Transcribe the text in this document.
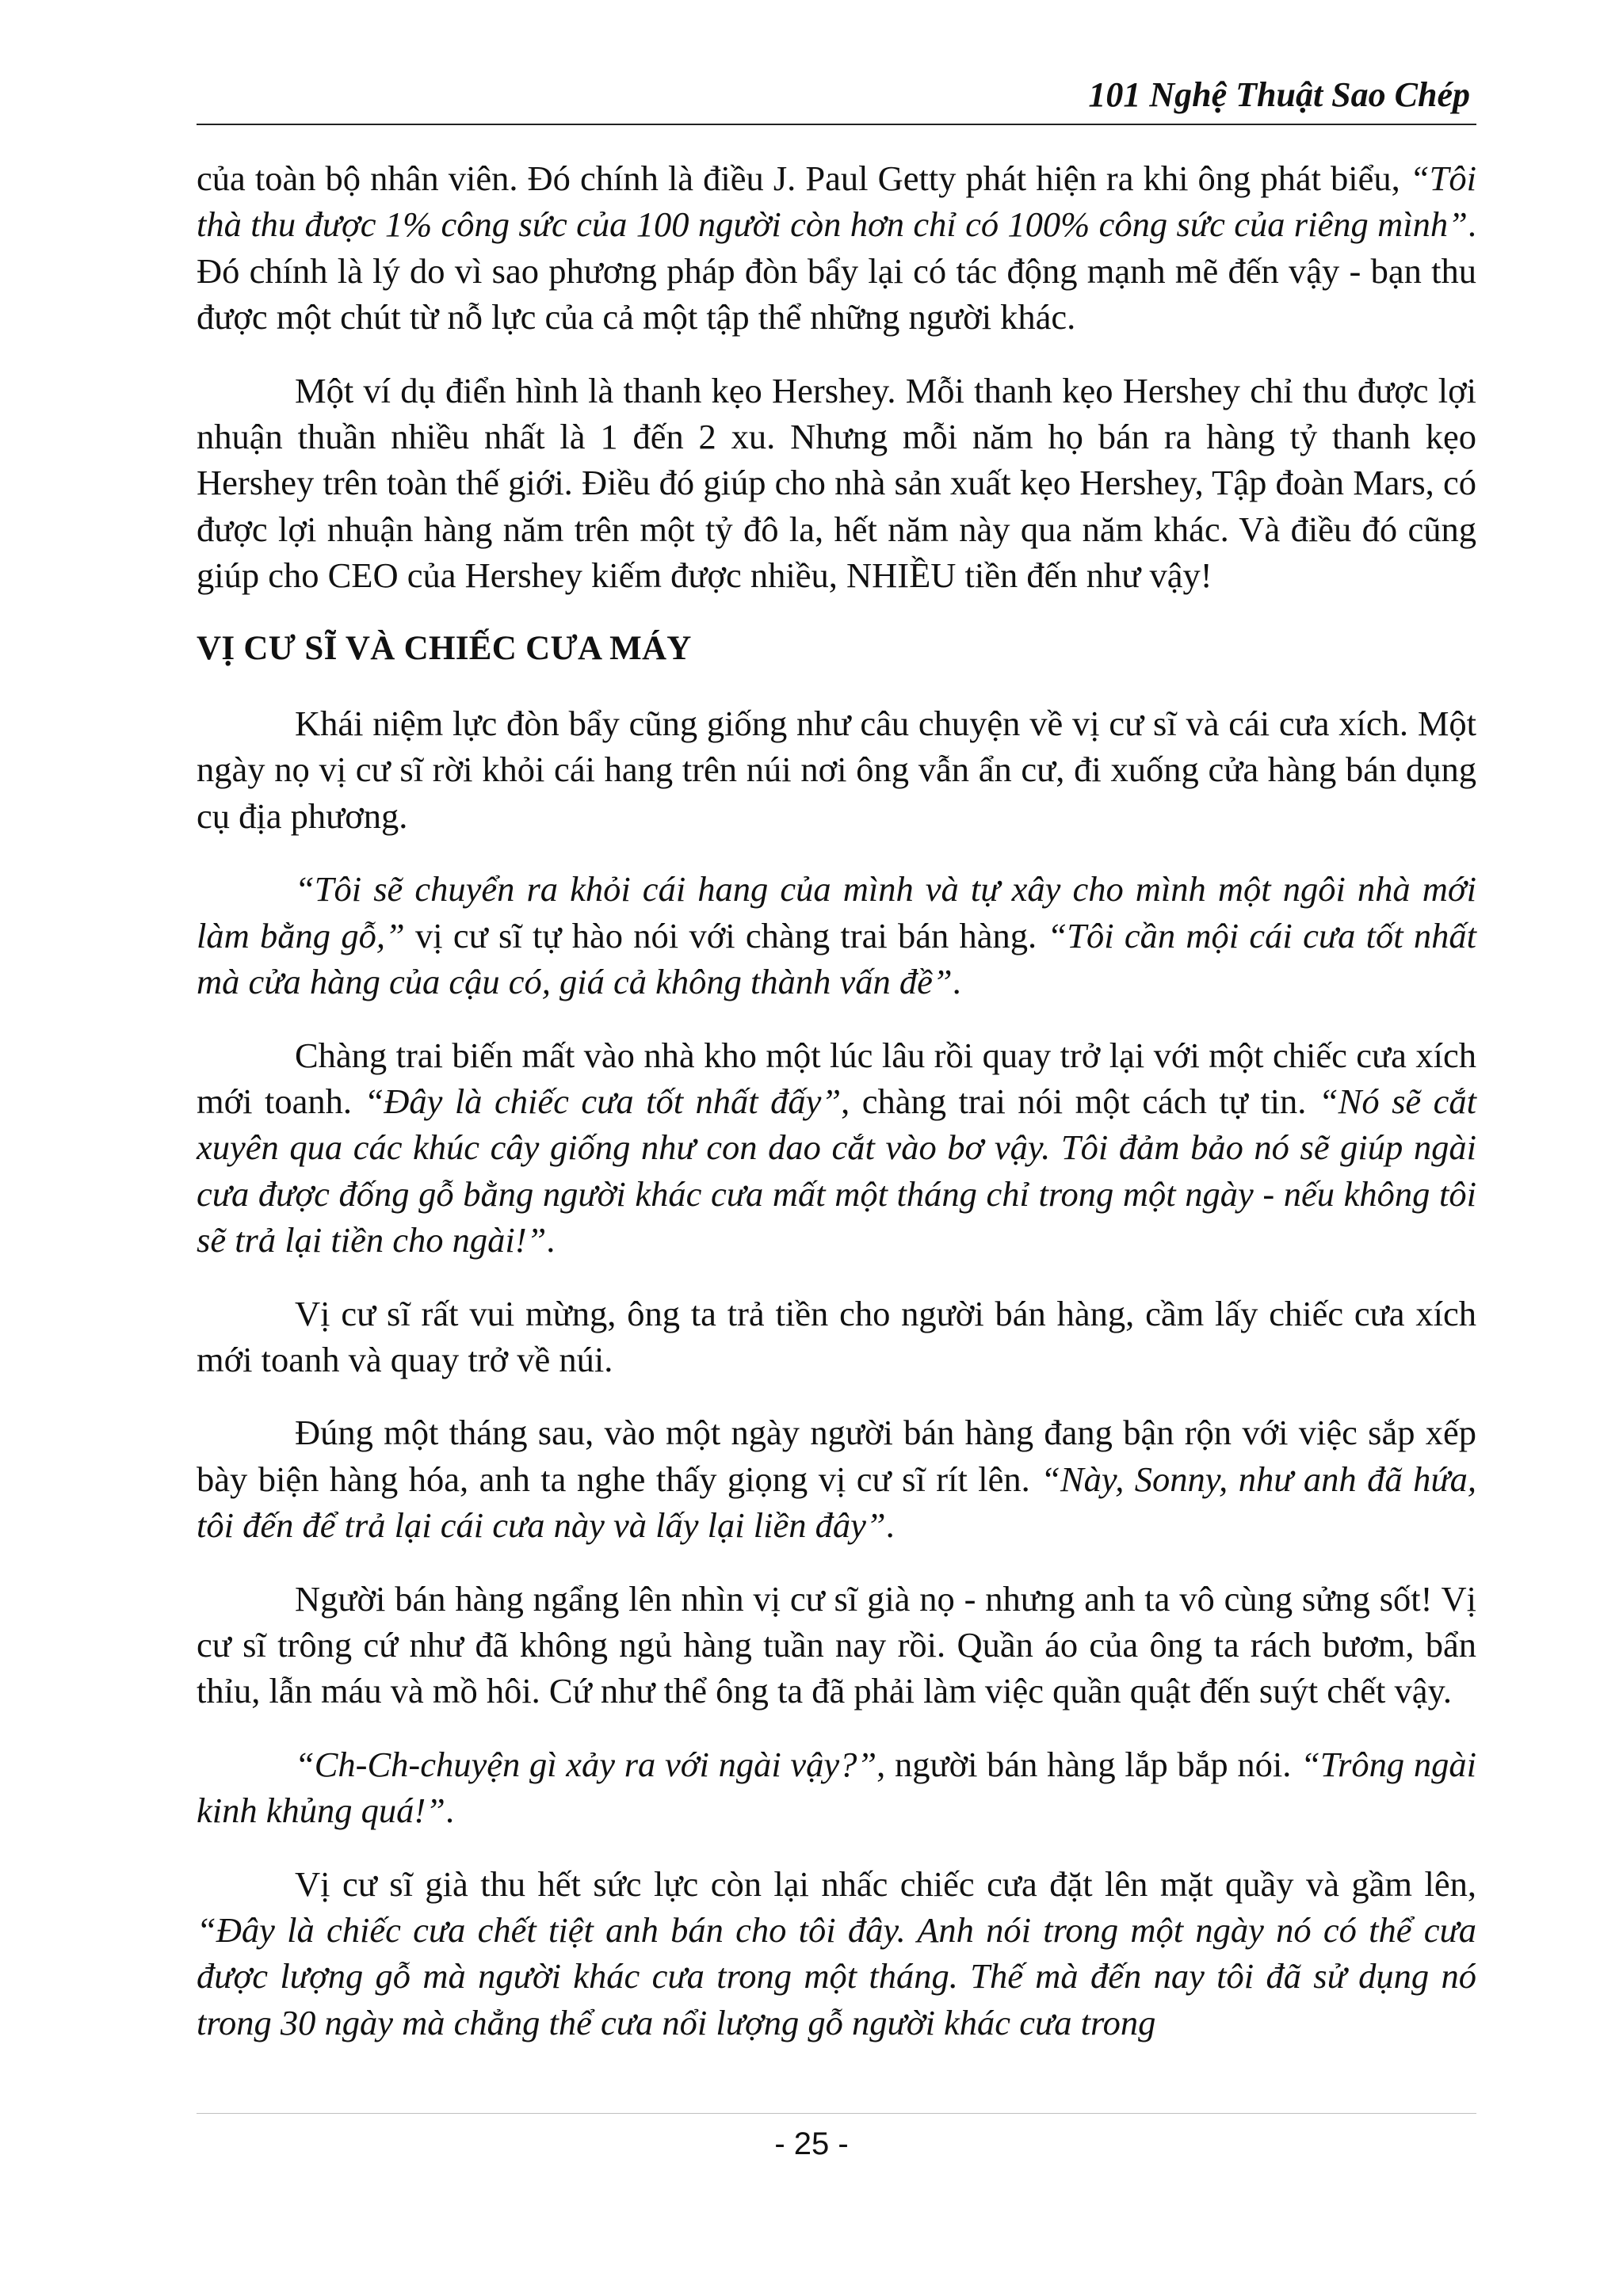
101 Nghệ Thuật Sao Chép

của toàn bộ nhân viên. Đó chính là điều J. Paul Getty phát hiện ra khi ông phát biểu, “Tôi thà thu được 1% công sức của 100 người còn hơn chỉ có 100% công sức của riêng mình”. Đó chính là lý do vì sao phương pháp đòn bẩy lại có tác động mạnh mẽ đến vậy - bạn thu được một chút từ nỗ lực của cả một tập thể những người khác.

Một ví dụ điển hình là thanh kẹo Hershey. Mỗi thanh kẹo Hershey chỉ thu được lợi nhuận thuần nhiều nhất là 1 đến 2 xu. Nhưng mỗi năm họ bán ra hàng tỷ thanh kẹo Hershey trên toàn thế giới. Điều đó giúp cho nhà sản xuất kẹo Hershey, Tập đoàn Mars, có được lợi nhuận hàng năm trên một tỷ đô la, hết năm này qua năm khác. Và điều đó cũng giúp cho CEO của Hershey kiếm được nhiều, NHIỀU tiền đến như vậy!

VỊ CƯ SĨ VÀ CHIẾC CƯA MÁY

Khái niệm lực đòn bẩy cũng giống như câu chuyện về vị cư sĩ và cái cưa xích. Một ngày nọ vị cư sĩ rời khỏi cái hang trên núi nơi ông vẫn ẩn cư, đi xuống cửa hàng bán dụng cụ địa phương.

“Tôi sẽ chuyển ra khỏi cái hang của mình và tự xây cho mình một ngôi nhà mới làm bằng gỗ,” vị cư sĩ tự hào nói với chàng trai bán hàng. “Tôi cần mội cái cưa tốt nhất mà cửa hàng của cậu có, giá cả không thành vấn đề”.

Chàng trai biến mất vào nhà kho một lúc lâu rồi quay trở lại với một chiếc cưa xích mới toanh. “Đây là chiếc cưa tốt nhất đấy”, chàng trai nói một cách tự tin. “Nó sẽ cắt xuyên qua các khúc cây giống như con dao cắt vào bơ vậy. Tôi đảm bảo nó sẽ giúp ngài cưa được đống gỗ bằng người khác cưa mất một tháng chỉ trong một ngày - nếu không tôi sẽ trả lại tiền cho ngài!”.

Vị cư sĩ rất vui mừng, ông ta trả tiền cho người bán hàng, cầm lấy chiếc cưa xích mới toanh và quay trở về núi.

Đúng một tháng sau, vào một ngày người bán hàng đang bận rộn với việc sắp xếp bày biện hàng hóa, anh ta nghe thấy giọng vị cư sĩ rít lên. “Này, Sonny, như anh đã hứa, tôi đến để trả lại cái cưa này và lấy lại liền đây”.

Người bán hàng ngẩng lên nhìn vị cư sĩ già nọ - nhưng anh ta vô cùng sửng sốt! Vị cư sĩ trông cứ như đã không ngủ hàng tuần nay rồi. Quần áo của ông ta rách bươm, bẩn thỉu, lẫn máu và mồ hôi. Cứ như thể ông ta đã phải làm việc quần quật đến suýt chết vậy.

“Ch-Ch-chuyện gì xảy ra với ngài vậy?”, người bán hàng lắp bắp nói. “Trông ngài kinh khủng quá!”.

Vị cư sĩ già thu hết sức lực còn lại nhấc chiếc cưa đặt lên mặt quầy và gầm lên, “Đây là chiếc cưa chết tiệt anh bán cho tôi đây. Anh nói trong một ngày nó có thể cưa được lượng gỗ mà người khác cưa trong một tháng. Thế mà đến nay tôi đã sử dụng nó trong 30 ngày mà chẳng thể cưa nổi lượng gỗ người khác cưa trong

- 25 -
